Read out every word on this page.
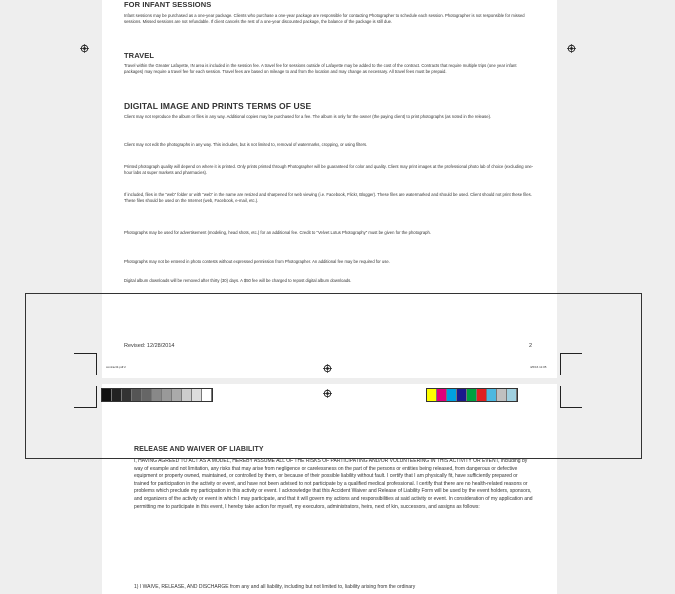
FOR INFANT SESSIONS
Infant sessions may be purchased as a one-year package. Clients who purchase a one-year package are responsible for contacting Photographer to schedule each session. Photographer is not responsible for missed sessions. Missed sessions are not refundable. If client cancels the rest of a one-year discounted package, the balance of the package is still due.
TRAVEL
Travel within the Greater Lafayette, IN area is included in the session fee. A travel fee for sessions outside of Lafayette may be added to the cost of the contract. Contracts that require multiple trips (one year infant packages) may require a travel fee for each session. Travel fees are based on mileage to and from the location and may change as necessary. All travel fees must be prepaid.
DIGITAL IMAGE AND PRINTS TERMS OF USE
Client may not reproduce the album or files in any way. Additional copies may be purchased for a fee. The album is only for the owner (the paying client) to print photographs (as noted in the release).
Client may not edit the photographs in any way. This includes, but is not limited to, removal of watermarks, cropping, or using filters.
Printed photograph quality will depend on where it is printed. Only prints printed through Photographer will be guaranteed for color and quality. Client may print images at the professional photo lab of choice (excluding one-hour labs at super markets and pharmacies).
If included, files in the "web" folder or with "web" in the name are resized and sharpened for web viewing (i.e. Facebook, Flickr, Blogger). These files are watermarked and should be used. Client should not print these files. These files should be used on the Internet (web, Facebook, e-mail, etc.).
Photographs may be used for advertisement (modeling, head shots, etc.) for an additional fee. Credit to "Velvet Lotus Photography" must be given for the photograph.
Photographs may not be entered in photo contests without expressed permission from Photographer. An additional fee may be required for use.
Digital album downloads will be removed after thirty (30) days. A $50 fee will be charged to repost digital album downloads.
Revised: 12/28/2014	2
contract3.pdf 2	4/6/16 11:05
RELEASE AND WAIVER OF LIABILITY
I, HAVING AGREED TO ACT AS A MODEL, HEREBY ASSUME ALL OF THE RISKS OF PARTICIPATING AND/OR VOLUNTEERING IN THIS ACTIVITY OR EVENT, including by way of example and not limitation, any risks that may arise from negligence or carelessness on the part of the persons or entities being released, from dangerous or defective equipment or property owned, maintained, or controlled by them, or because of their possible liability without fault. I certify that I am physically fit, have sufficiently prepared or trained for participation in the activity or event, and have not been advised to not participate by a qualified medical professional. I certify that there are no health-related reasons or problems which preclude my participation in this activity or event. I acknowledge that this Accident Waiver and Release of Liability Form will be used by the event holders, sponsors, and organizers of the activity or event in which I may participate, and that it will govern my actions and responsibilities at said activity or event. In consideration of my application and permitting me to participate in this event, I hereby take action for myself, my executors, administrators, heirs, next of kin, successors, and assigns as follows:
1) I WAIVE, RELEASE, AND DISCHARGE from any and all liability, including but not limited to, liability arising from the ordinary
